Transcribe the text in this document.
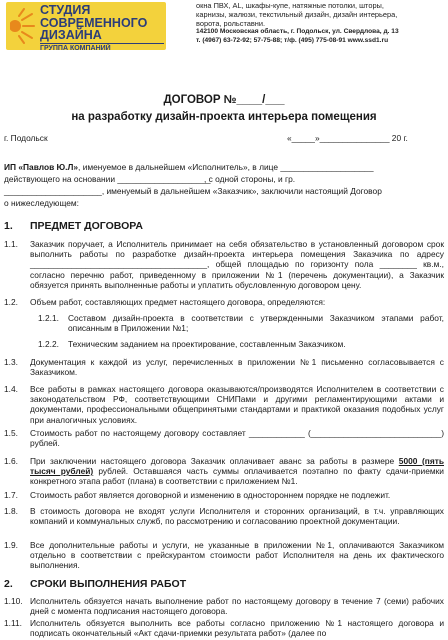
СТУДИЯ
СОВРЕМЕННОГО
ДИЗАЙНА
ГРУППА КОМПАНИЙ
окна ПВХ, AL, шкафы-купе, натяжные потолки, шторы,
карнизы, жалюзи, текстильный дизайн, дизайн интерьера,
ворота, рольставни.
142100 Московская область, г. Подольск, ул. Свердлова, д. 13
т. (4967) 63-72-92; 57-75-88; т/ф. (495) 775-08-91 www.ssd1.ru
ДОГОВОР №____/___
на разработку дизайн-проекта интерьера помещения
г. Подольск	«_____»_______________ 20 г.
ИП «Павлов Ю.Л», именуемое в дальнейшем «Исполнитель», в лице ____________________
действующего на основании ____________________
, с одной стороны, и гр.
_____________________, именуемый в дальнейшем «Заказчик», заключили настоящий Договор
о нижеследующем:
1. ПРЕДМЕТ ДОГОВОРА
1.1. Заказчик поручает, а Исполнитель принимает на себя обязательство в установленный договором срок выполнить работы по разработке дизайн-проекта интерьера помещения Заказчика по адресу ______________________________________, общей площадью по горизонту пола ________ кв.м., согласно перечню работ, приведенному в приложении №1 (перечень документации), а Заказчик обязуется принять выполненные работы и уплатить обусловленную договором цену.
1.2. Объем работ, составляющих предмет настоящего договора, определяются:
1.2.1. Составом дизайн-проекта в соответствии с утвержденными Заказчиком этапами работ, описанным в Приложении №1;
1.2.2. Техническим заданием на проектирование, составленным Заказчиком.
1.3. Документация к каждой из услуг, перечисленных в приложении №1 письменно согласовывается с Заказчиком.
1.4. Все работы в рамках настоящего договора оказываются/производятся Исполнителем в соответствии с законодательством РФ, соответствующими СНИПами и другими регламентирующими актами и документами, профессиональными общепринятыми стандартами и практикой оказания подобных услуг при аналогичных условиях.
1.5. Стоимость работ по настоящему договору составляет ____________ (____________________________) рублей.
1.6. При заключении настоящего договора Заказчик оплачивает аванс за работы в размере 5000 (пять тысяч рублей) рублей. Оставшаяся часть суммы оплачивается поэтапно по факту сдачи-приемки конкретного этапа работ (плана) в соответствии с приложением №1.
1.7. Стоимость работ является договорной и изменению в одностороннем порядке не подлежит.
1.8. В стоимость договора не входят услуги Исполнителя и сторонних организаций, в т.ч. управляющих компаний и коммунальных служб, по рассмотрению и согласованию проектной документации.
1.9. Все дополнительные работы и услуги, не указанные в приложении №1, оплачиваются Заказчиком отдельно в соответствии с прейскурантом стоимости работ Исполнителя на день их фактического выполнения.
2. СРОКИ ВЫПОЛНЕНИЯ РАБОТ
1.10. Исполнитель обязуется начать выполнение работ по настоящему договору в течение 7 (семи) рабочих дней с момента подписания настоящего договора.
1.11. Исполнитель обязуется выполнить все работы согласно приложению №1 настоящего договора и подписать окончательный «Акт сдачи-приемки результата работ» (далее по
